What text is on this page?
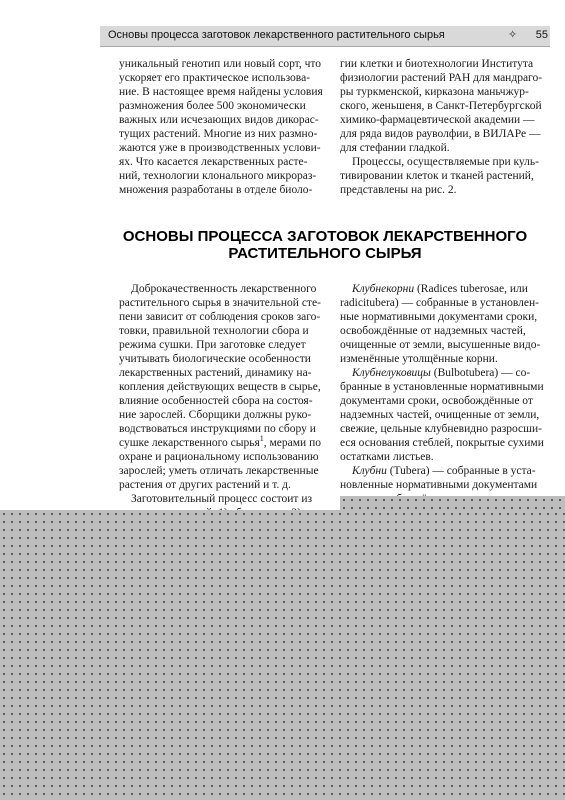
Основы процесса заготовок лекарственного растительного сырья	✧ 55
уникальный генотип или новый сорт, что
ускоряет его практическое использова-
ние. В настоящее время найдены условия
размножения более 500 экономически
важных или исчезающих видов дикорас-
тущих растений. Многие из них размно-
жаются уже в производственных услови-
ях. Что касается лекарственных расте-
ний, технологии клонального микрораз-
множения разработаны в отделе биоло-
гии клетки и биотехнологии Института
физиологии растений РАН для мандраго-
ры туркменской, кирказона маньчжур-
ского, женьшеня, в Санкт-Петербургской
химико-фармацевтической академии —
для ряда видов рауволфии, в ВИЛАРе —
для стефании гладкой.
Процессы, осуществляемые при куль-
тивировании клеток и тканей растений,
представлены на рис. 2.
ОСНОВЫ ПРОЦЕССА ЗАГОТОВОК ЛЕКАРСТВЕННОГО
РАСТИТЕЛЬНОГО СЫРЬЯ
Доброкачественность лекарственного
растительного сырья в значительной сте-
пени зависит от соблюдения сроков заго-
товки, правильной технологии сбора и
режима сушки. При заготовке следует
учитывать биологические особенности
лекарственных растений, динамику на-
копления действующих веществ в сырье,
влияние особенностей сбора на состоя-
ние зарослей. Сборщики должны руко-
водствоваться инструкциями по сбору и
сушке лекарственного сырья$^1$, мерами по
охране и рациональному использованию
зарослей; уметь отличать лекарственные
растения от других растений и т. д.
Заготовительный процесс состоит из
Клубнекорни (Radices tuberosae, или
radicitubera) — собранные в установлен-
ные нормативными документами сроки,
освобождённые от надземных частей,
очищенные от земли, высушенные видо-
изменённые утолщённые корни.
Клубнелуковицы (Bulbotubera) — со-
бранные в установленные нормативными
документами сроки, освобождённые от
надземных частей, очищенные от земли,
свежие, цельные клубневидно разросши-
еся основания стеблей, покрытые сухими
остатками листьев.
Клубни (Tubera) — собранные в уста-
новленные нормативными документами
